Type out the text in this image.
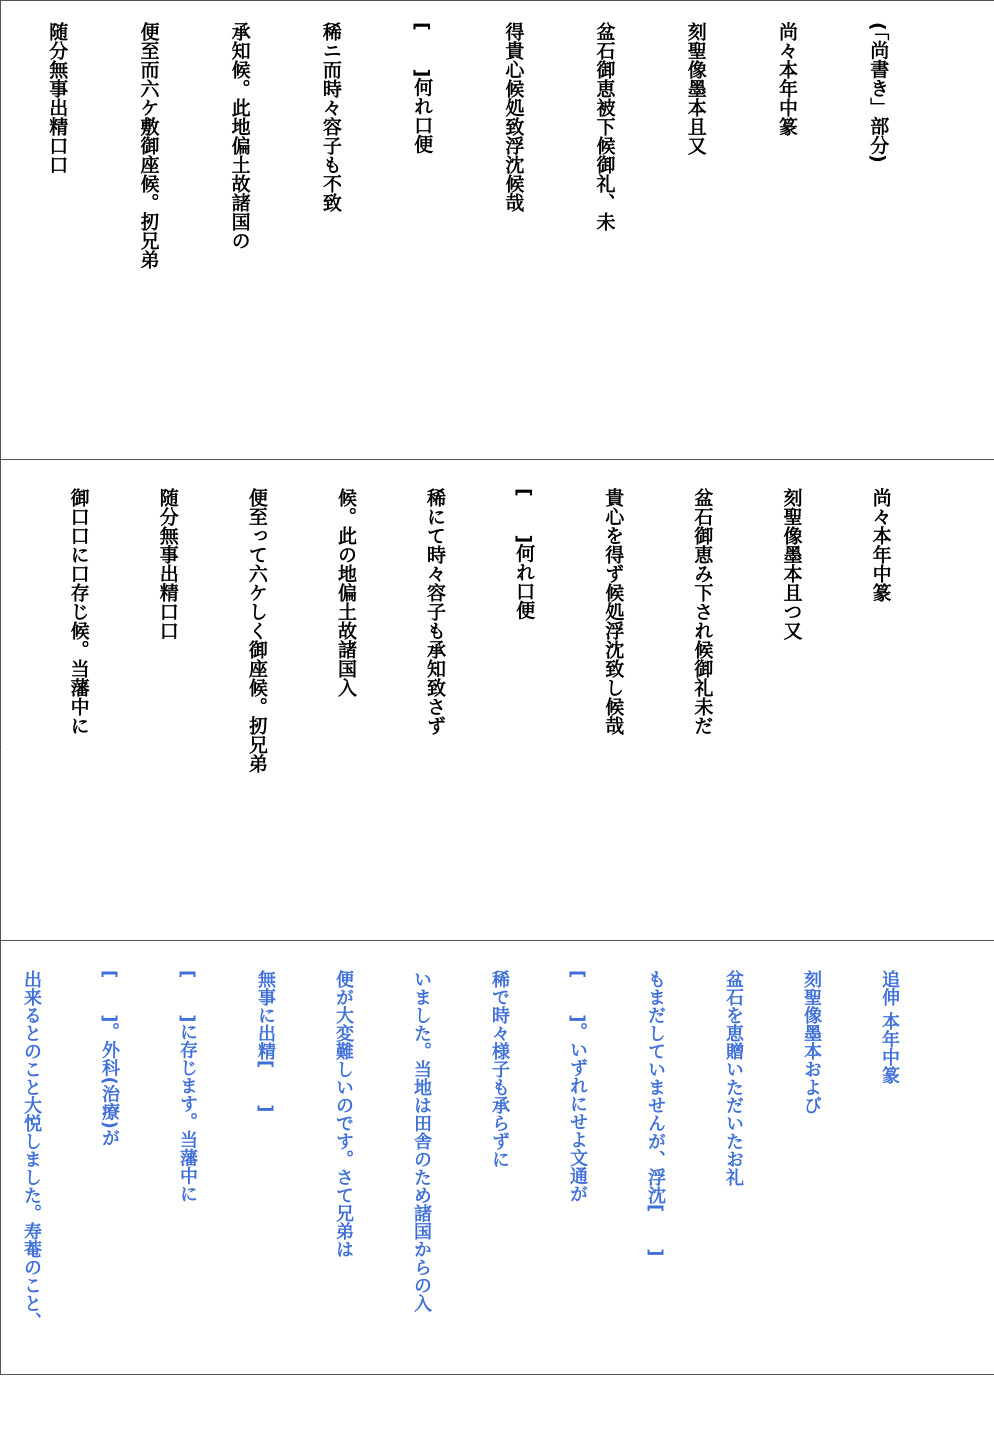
(「尚書き」部分)

尚々本年中篆

刻聖像墨本且又

盆石御恵被下候御礼、未

得貴心候処致浮沈候哉

[　　]何れ口便

稀ニ而時々容子も不致

承知候。此地偏土故諸国の

便至而六ケ敷御座候。扨兄弟

随分無事出精口口

尚々本年中篆

刻聖像墨本且つ又

盆石御恵み下され候御礼未だ

貴心を得ず候処浮沈致し候哉

[　　]何れ口便

稀にて時々容子も承知致さず

候。此の地偏土故諸国入

便至って六ケしく御座候。扨兄弟

随分無事出精口口

御口口に口存じ候。当藩中に

追伸 本年中篆

刻聖像墨本および

盆石を恵贈いただいたお礼

もまだしていませんが、浮沈[　　]

[　　]。いずれにせよ文通が

稀で時々様子も承らずに

いました。当地は田舎のため諸国からの入

便が大変難しいのです。さて兄弟は

無事に出精[　　]

[　　]に存じます。当藩中に

[　　]。外科(治療)が

出来るとのこと大悦しました。寿菴のこと、
